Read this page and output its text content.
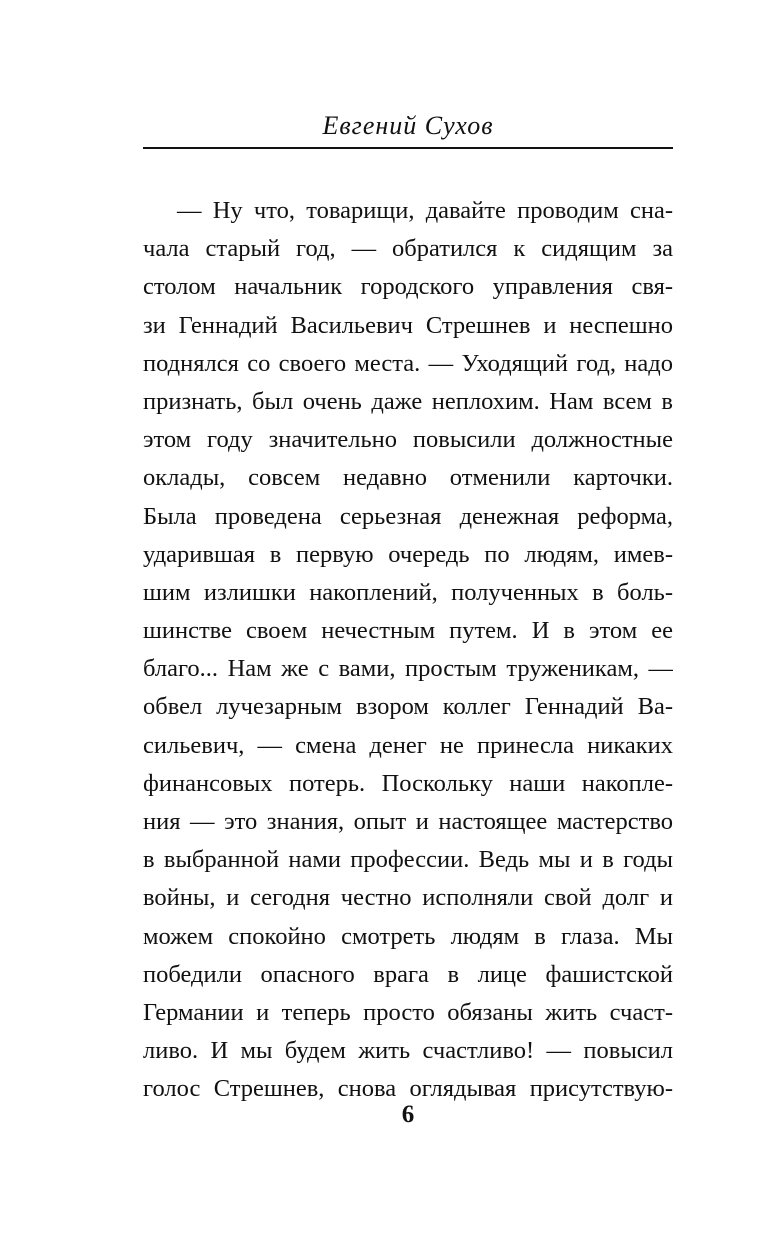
Евгений Сухов
— Ну что, товарищи, давайте проводим сна-
чала старый год, — обратился к сидящим за
столом начальник городского управления свя-
зи Геннадий Васильевич Стрешнев и неспешно
поднялся со своего места. — Уходящий год, надо
признать, был очень даже неплохим. Нам всем в
этом году значительно повысили должностные
оклады, совсем недавно отменили карточки.
Была проведена серьезная денежная реформа,
ударившая в первую очередь по людям, имев-
шим излишки накоплений, полученных в боль-
шинстве своем нечестным путем. И в этом ее
благо... Нам же с вами, простым труженикам, —
обвел лучезарным взором коллег Геннадий Ва-
сильевич, — смена денег не принесла никаких
финансовых потерь. Поскольку наши накопле-
ния — это знания, опыт и настоящее мастерство
в выбранной нами профессии. Ведь мы и в годы
войны, и сегодня честно исполняли свой долг и
можем спокойно смотреть людям в глаза. Мы
победили опасного врага в лице фашистской
Германии и теперь просто обязаны жить счаст-
ливо. И мы будем жить счастливо! — повысил
голос Стрешнев, снова оглядывая присутствую-
6
